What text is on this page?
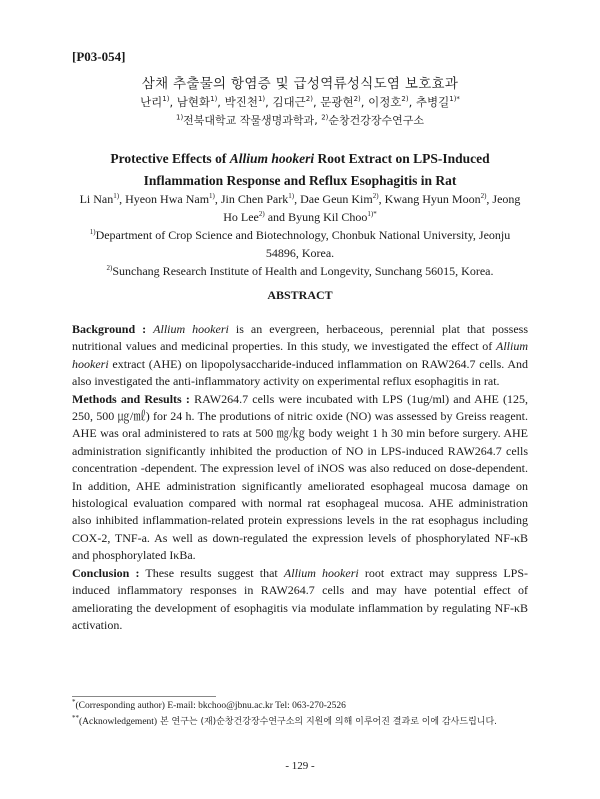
[P03-054]
삼채 추출물의 항염증 및 급성역류성식도염 보호효과
난리$^{1)}$, 남현화$^{1)}$, 박진천$^{1)}$, 김대근$^{2)}$, 문광현$^{2)}$, 이정호$^{2)}$, 추병길$^{1)*}$
$^{1)}$전북대학교 작물생명과학과, $^{2)}$순창건강장수연구소
Protective Effects of Allium hookeri Root Extract on LPS-Induced Inflammation Response and Reflux Esophagitis in Rat
Li Nan$^{1)}$, Hyeon Hwa Nam$^{1)}$, Jin Chen Park$^{1)}$, Dae Geun Kim$^{2)}$, Kwang Hyun Moon$^{2)}$, Jeong Ho Lee$^{2)}$ and Byung Kil Choo$^{1)*}$
$^{1)}$Department of Crop Science and Biotechnology, Chonbuk National University, Jeonju 54896, Korea.
$^{2)}$Sunchang Research Institute of Health and Longevity, Sunchang 56015, Korea.
ABSTRACT

Background : Allium hookeri is an evergreen, herbaceous, perennial plat that possess nutritional values and medicinal properties. In this study, we investigated the effect of Allium hookeri extract (AHE) on lipopolysaccharide-induced inflammation on RAW264.7 cells. And also investigated the anti-inflammatory activity on experimental reflux esophagitis in rat.

Methods and Results : RAW264.7 cells were incubated with LPS (1ug/ml) and AHE (125, 250, 500 ㎍/㎖) for 24 h. The produtions of nitric oxide (NO) was assessed by Greiss reagent. AHE was oral administered to rats at 500 ㎎/㎏ body weight 1 h 30 min before surgery. AHE administration significantly inhibited the production of NO in LPS-induced RAW264.7 cells concentration -dependent. The expression level of iNOS was also reduced on dose-dependent. In addition, AHE administration significantly ameliorated esophageal mucosa damage on histological evaluation compared with normal rat esophageal mucosa. AHE administration also inhibited inflammation-related protein expressions levels in the rat esophagus including COX-2, TNF-a. As well as down-regulated the expression levels of phosphorylated NF-κB and phosphorylated IκBa.

Conclusion : These results suggest that Allium hookeri root extract may suppress LPS-induced inflammatory responses in RAW264.7 cells and may have potential effect of ameliorating the development of esophagitis via modulate inflammation by regulating NF-κB activation.

*(Corresponding author) E-mail: bkchoo@jbnu.ac.kr Tel: 063-270-2526
**(Acknowledgement) 본 연구는 (재)순창건강장수연구소의 지원에 의해 이루어진 결과로 이에 감사드립니다.
- 129 -
